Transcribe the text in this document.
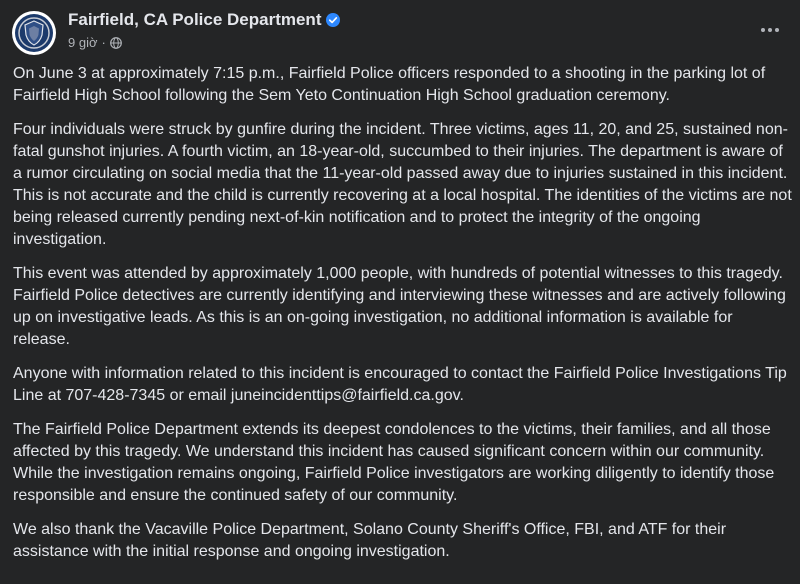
Fairfield, CA Police Department
9 giờ ·

On June 3 at approximately 7:15 p.m., Fairfield Police officers responded to a shooting in the parking lot of Fairfield High School following the Sem Yeto Continuation High School graduation ceremony.

Four individuals were struck by gunfire during the incident. Three victims, ages 11, 20, and 25, sustained non-fatal gunshot injuries. A fourth victim, an 18-year-old, succumbed to their injuries. The department is aware of a rumor circulating on social media that the 11-year-old passed away due to injuries sustained in this incident. This is not accurate and the child is currently recovering at a local hospital. The identities of the victims are not being released currently pending next-of-kin notification and to protect the integrity of the ongoing investigation.

This event was attended by approximately 1,000 people, with hundreds of potential witnesses to this tragedy. Fairfield Police detectives are currently identifying and interviewing these witnesses and are actively following up on investigative leads. As this is an on-going investigation, no additional information is available for release.

Anyone with information related to this incident is encouraged to contact the Fairfield Police Investigations Tip Line at 707-428-7345 or email juneincidenttips@fairfield.ca.gov.

The Fairfield Police Department extends its deepest condolences to the victims, their families, and all those affected by this tragedy. We understand this incident has caused significant concern within our community. While the investigation remains ongoing, Fairfield Police investigators are working diligently to identify those responsible and ensure the continued safety of our community.

We also thank the Vacaville Police Department, Solano County Sheriff's Office, FBI, and ATF for their assistance with the initial response and ongoing investigation.
